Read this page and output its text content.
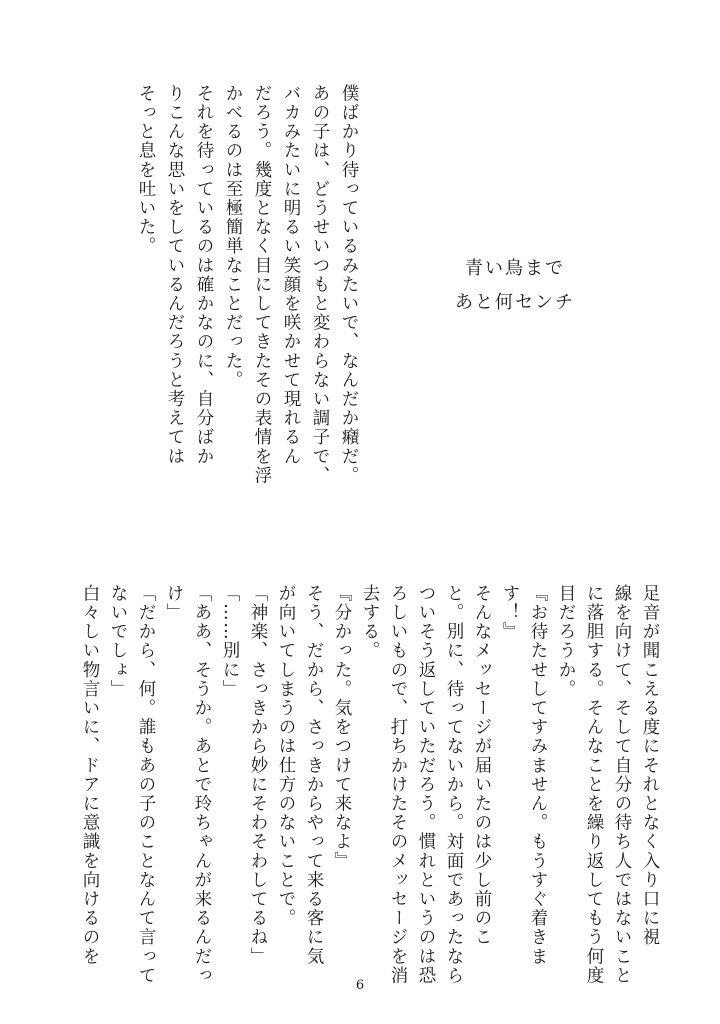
僕ばかり待っているみたいで、なんだか癪だ。
あの子は、どうせいつもと変わらない調子で、
バカみたいに明るい笑顔を咲かせて現れるん
だろう。幾度となく目にしてきたその表情を浮
かべるのは至極簡単なことだった。
それを待っているのは確かなのに、自分ばか
りこんな思いをしているんだろうと考えては
そっと息を吐いた。
青い鳥まで
あと何センチ
足音が聞こえる度にそれとなく入り口に視
線を向けて、そして自分の待ち人ではないこと
に落胆する。そんなことを繰り返してもう何度
目だろうか。
『お待たせしてすみません。もうすぐ着きま
す！』
そんなメッセージが届いたのは少し前のこ
と。別に、待ってないから。対面であったなら
ついそう返していただろう。慣れというのは恐
ろしいもので、打ちかけたそのメッセージを消
去する。
『分かった。気をつけて来なよ』
そう、だから、さっきからやって来る客に気
が向いてしまうのは仕方のないことで。
「神楽、さっきから妙にそわそわしてるね」
「……別に」
「ああ、そうか。あとで玲ちゃんが来るんだっ
け」
「だから、何。誰もあの子のことなんて言って
ないでしょ」
白々しい物言いに、ドアに意識を向けるのを
6
